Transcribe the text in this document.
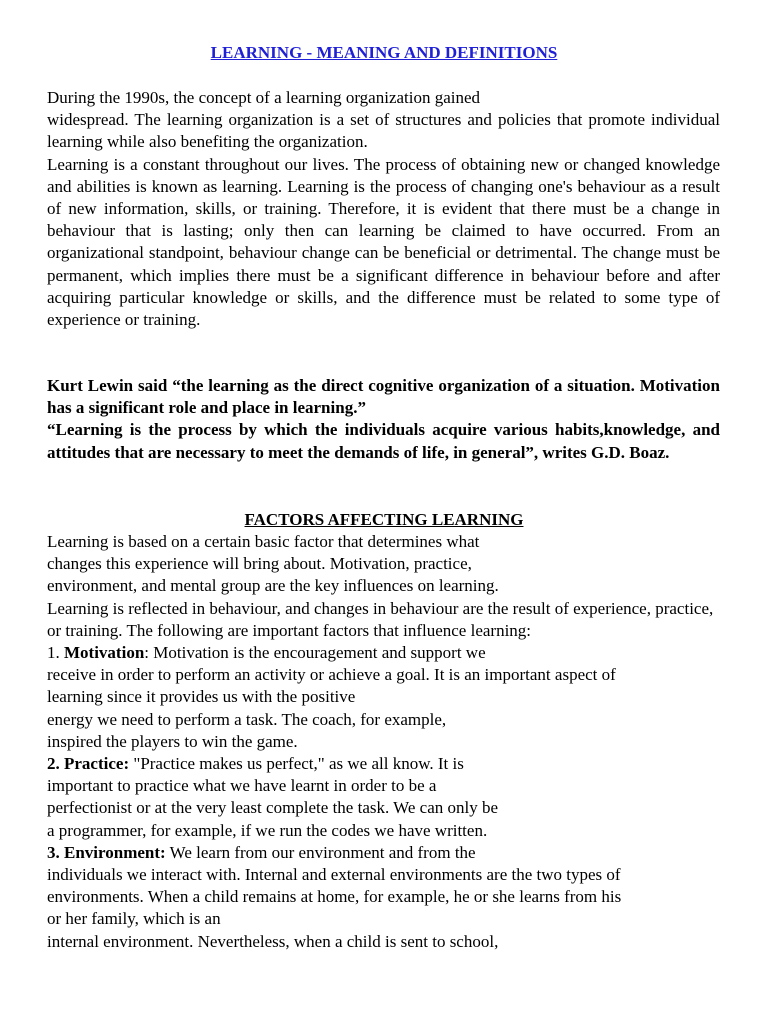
LEARNING - MEANING AND DEFINITIONS
During the 1990s, the concept of a learning organization gained

widespread. The learning organization is a set of structures and policies that promote individual learning while also benefiting the organization.

Learning is a constant throughout our lives. The process of obtaining new or changed knowledge and abilities is known as learning. Learning is the process of changing one's behaviour as a result of new information, skills, or training. Therefore, it is evident that there must be a change in behaviour that is lasting; only then can learning be claimed to have occurred. From an organizational standpoint, behaviour change can be beneficial or detrimental. The change must be permanent, which implies there must be a significant difference in behaviour before and after acquiring particular knowledge or skills, and the difference must be related to some type of experience or training.

Kurt Lewin said “the learning as the direct cognitive organization of a situation. Motivation has a significant role and place in learning.”

“Learning is the process by which the individuals acquire various habits,knowledge, and attitudes that are necessary to meet the demands of life, in general”, writes G.D. Boaz.

FACTORS AFFECTING LEARNING
Learning is based on a certain basic factor that determines what
changes this experience will bring about. Motivation, practice,
environment, and mental group are the key influences on learning.

Learning is reflected in behaviour, and changes in behaviour are the result of experience, practice, or training. The following are important factors that influence learning:

1. Motivation: Motivation is the encouragement and support we
receive in order to perform an activity or achieve a goal. It is an important aspect of
learning since it provides us with the positive
energy we need to perform a task. The coach, for example,
inspired the players to win the game.
2. Practice: "Practice makes us perfect," as we all know. It is
important to practice what we have learnt in order to be a
perfectionist or at the very least complete the task. We can only be
a programmer, for example, if we run the codes we have written.
3. Environment: We learn from our environment and from the
individuals we interact with. Internal and external environments are the two types of
environments. When a child remains at home, for example, he or she learns from his
or her family, which is an
internal environment. Nevertheless, when a child is sent to school,
